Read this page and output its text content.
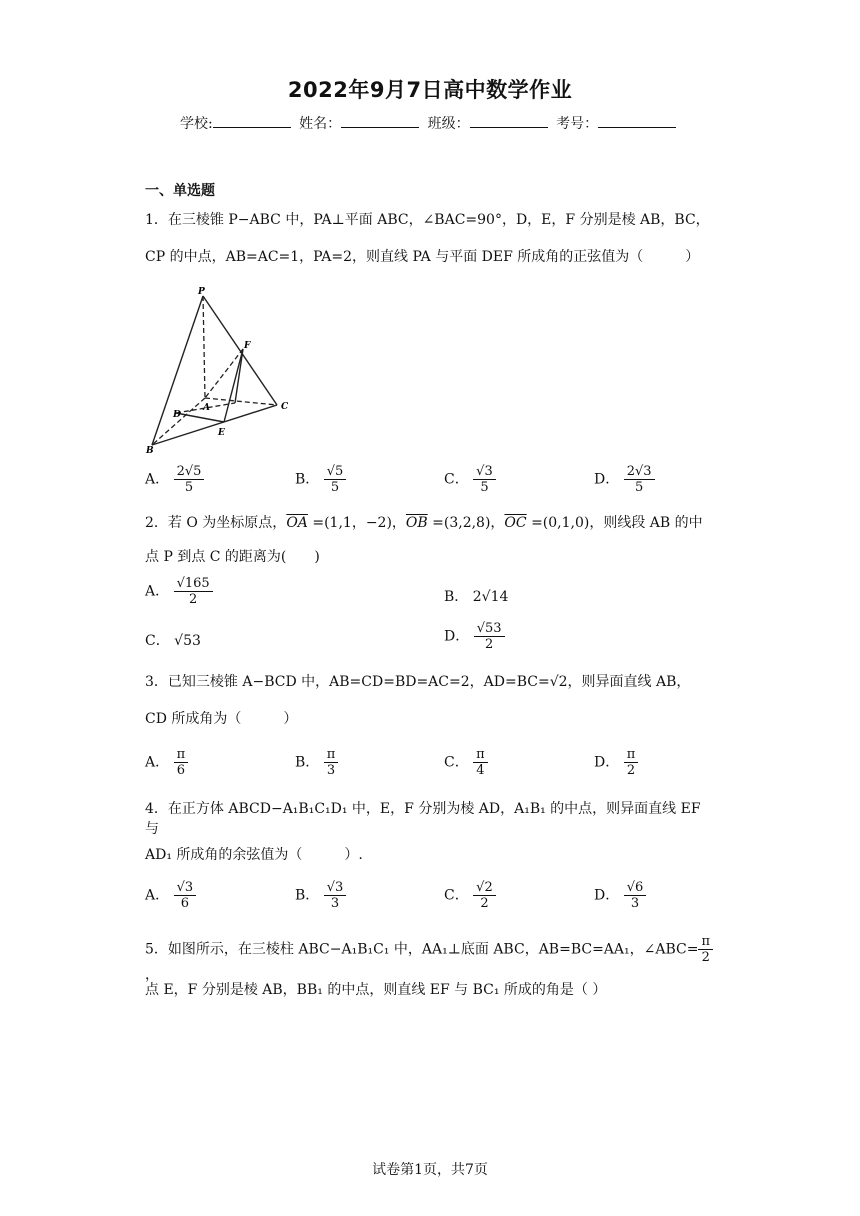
2022年9月7日高中数学作业
学校:	姓名：	班级：	考号：
一、单选题
1．在三棱锥 P−ABC 中，PA⊥平面 ABC，∠BAC=90°，D，E，F 分别是棱 AB，BC，
CP 的中点，AB=AC=1，PA=2，则直线 PA 与平面 DEF 所成角的正弦值为（　　　）
P
F
A	C
D
E
B
A． $\frac{2√5}{5}$	B． $\frac{√5}{5}$	C． $\frac{√3}{5}$	D． $\frac{2√3}{5}$
2．若 O 为坐标原点，$\overline{OA} =(1,1$，−2)，$\overline{OB} =(3,2,8)$，$\overline{OC} =(0,1,0)$，则线段 AB 的中
点 P 到点 C 的距离为(　　)
A． $\frac{√165}{2}$	B． 2√14
C． √53	D． $\frac{√53}{2}$
3．已知三棱锥 A−BCD 中，AB=CD=BD=AC=2，AD=BC=√2，则异面直线 AB，
CD 所成角为（　　　）
A． $\frac{\pi}{6}$	B． $\frac{\pi}{3}$	C． $\frac{\pi}{4}$	D． $\frac{\pi}{2}$
4．在正方体 ABCD−A₁B₁C₁D₁ 中，E，F 分别为棱 AD，A₁B₁ 的中点，则异面直线 EF 与
AD₁ 所成角的余弦值为（　　　）.
A． $\frac{√3}{6}$	B． $\frac{√3}{3}$	C． $\frac{√2}{2}$	D． $\frac{√6}{3}$
5．如图所示，在三棱柱 ABC−A₁B₁C₁ 中，AA₁⊥底面 ABC，AB=BC=AA₁，∠ABC= $\frac{\pi}{2}$
，
点 E，F 分别是棱 AB，BB₁ 的中点，则直线 EF 与 BC₁ 所成的角是（ ）
试卷第1页，共7页
